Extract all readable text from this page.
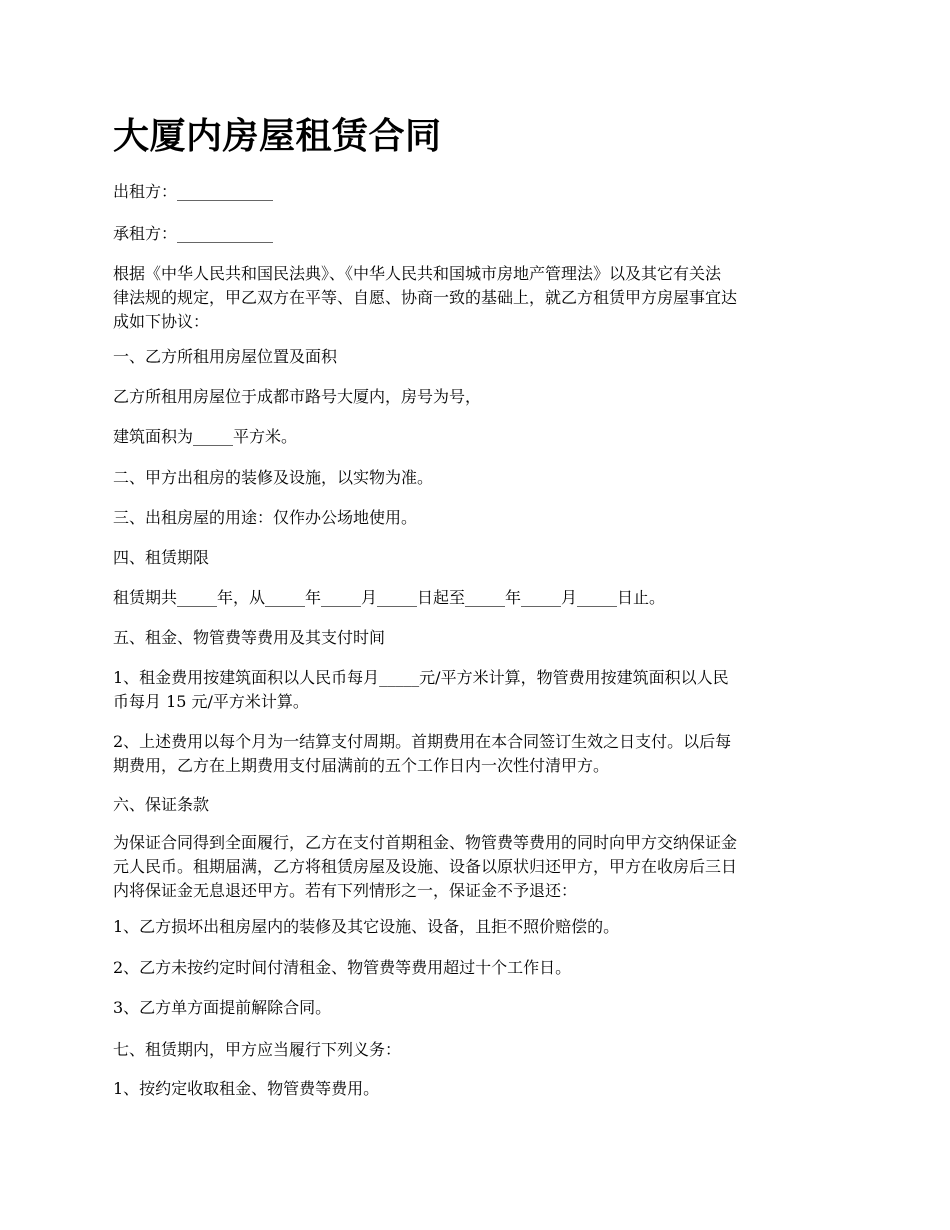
大厦内房屋租赁合同

出租方：____________

承租方：____________

根据《中华人民共和国民法典》、《中华人民共和国城市房地产管理法》以及其它有关法
律法规的规定，甲乙双方在平等、自愿、协商一致的基础上，就乙方租赁甲方房屋事宜达
成如下协议：

一、乙方所租用房屋位置及面积

乙方所租用房屋位于成都市路号大厦内，房号为号，

建筑面积为_____平方米。

二、甲方出租房的装修及设施，以实物为准。

三、出租房屋的用途：仅作办公场地使用。

四、租赁期限

租赁期共_____年，从_____年_____月_____日起至_____年_____月_____日止。

五、租金、物管费等费用及其支付时间

1、租金费用按建筑面积以人民币每月_____元/平方米计算，物管费用按建筑面积以人民
币每月 15 元/平方米计算。

2、上述费用以每个月为一结算支付周期。首期费用在本合同签订生效之日支付。以后每
期费用，乙方在上期费用支付届满前的五个工作日内一次性付清甲方。

六、保证条款

为保证合同得到全面履行，乙方在支付首期租金、物管费等费用的同时向甲方交纳保证金
元人民币。租期届满，乙方将租赁房屋及设施、设备以原状归还甲方，甲方在收房后三日
内将保证金无息退还甲方。若有下列情形之一，保证金不予退还：

1、乙方损坏出租房屋内的装修及其它设施、设备，且拒不照价赔偿的。

2、乙方未按约定时间付清租金、物管费等费用超过十个工作日。

3、乙方单方面提前解除合同。

七、租赁期内，甲方应当履行下列义务：

1、按约定收取租金、物管费等费用。
